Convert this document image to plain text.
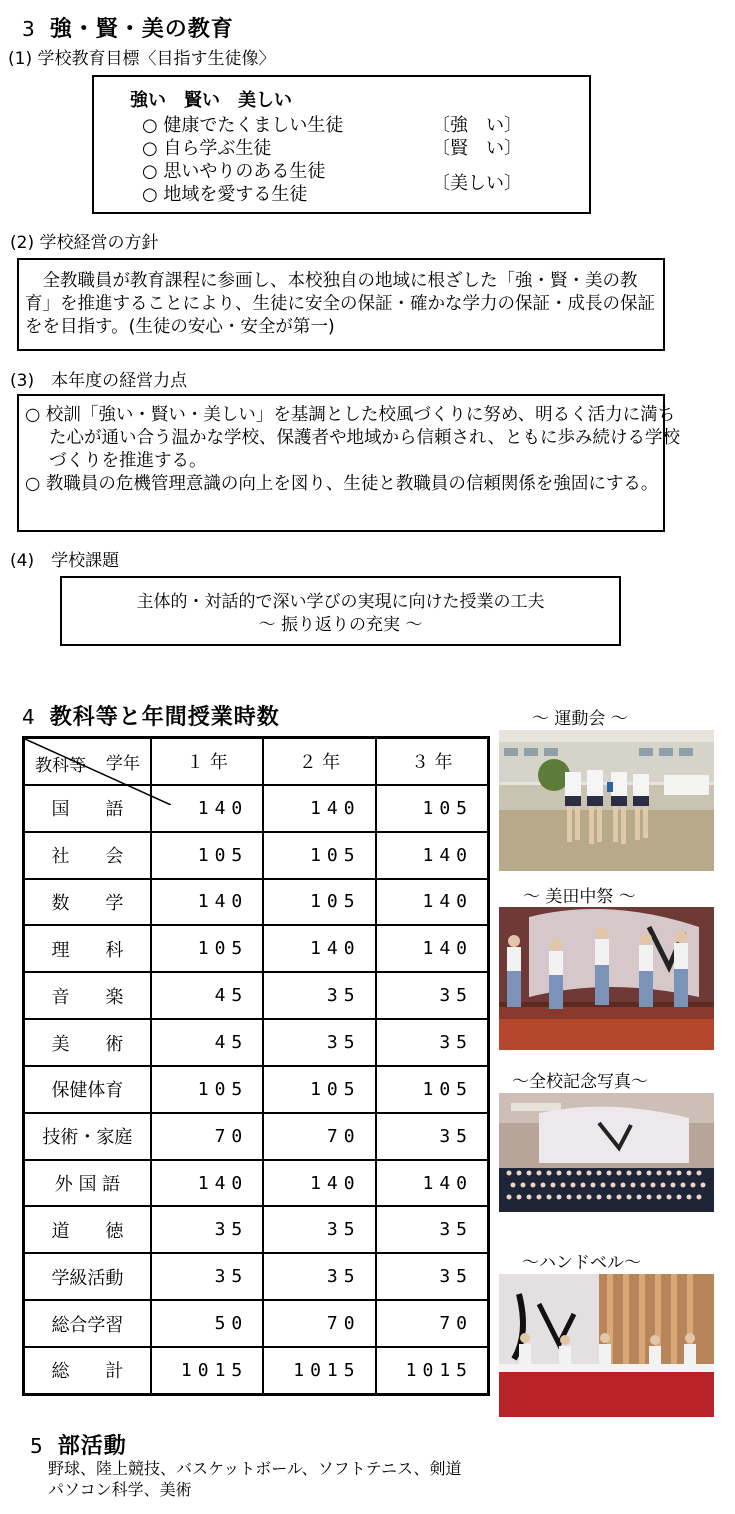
3 強・賢・美の教育
(1) 学校教育目標〈目指す生徒像〉
強い　賢い　美しい
○ 健康でたくましい生徒	〔強　い〕
○ 自ら学ぶ生徒	〔賢　い〕
○ 思いやりのある生徒
○ 地域を愛する生徒
〔美しい〕
(2) 学校経営の方針
　全教職員が教育課程に参画し、本校独自の地域に根ざした「強・賢・美の教育」を推進することにより、生徒に安全の保証・確かな学力の保証・成長の保証をを目指す。(生徒の安心・安全が第一)
(3)　本年度の経営力点
○ 校訓「強い・賢い・美しい」を基調とした校風づくりに努め、明るく活力に満ちた心が通い合う温かな学校、保護者や地域から信頼され、ともに歩み続ける学校づくりを推進する。
○ 教職員の危機管理意識の向上を図り、生徒と教職員の信頼関係を強固にする。
(4)　学校課題
主体的・対話的で深い学びの実現に向けた授業の工夫
～ 振り返りの充実 ～
4 教科等と年間授業時数
学年
教科等	１ 年	２ 年	３ 年
国　　語	140	140	105
社　　会	105	105	140
数　　学	140	105	140
理　　科	105	140	140
音　　楽	45	35	35
美　　術	45	35	35
保健体育	105	105	105
技術・家庭	70	70	35
外 国 語	140	140	140
道　　徳	35	35	35
学級活動	35	35	35
総合学習	50	70	70
総　　計	1015	1015	1015
～ 運動会 ～
～ 美田中祭 ～
～全校記念写真～
～ハンドベル～
5 部活動
野球、陸上競技、バスケットボール、ソフトテニス、剣道
パソコン科学、美術
